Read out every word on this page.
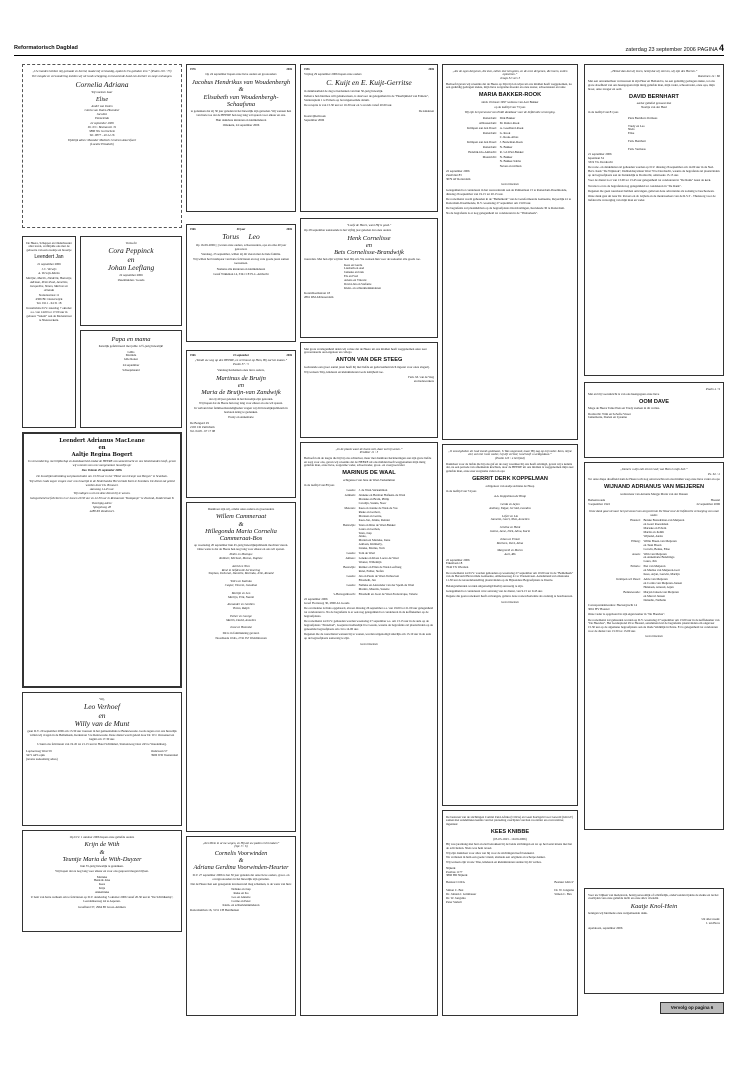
Reformatorisch Dagblad	zaterdag 23 september 2006 PAGINA 4
„Uw handen hebben mij gemaakt en bereid, maakt mij verstandig, opdat ik Uw geboden lere.” (Psalm 119 : 73)
Vol vreugde en verwondering melden wij uit Gods schepping en bewarende hand een dochter en zusje ontvangen.
Cornelia Adriana
Wij noemen haar
Elise
André van Dalen
Gloria van Dalen-Hoendeer
Jacolien
Emmeleida
22 september 2006
Dr. N.C. Beemanstr. 31
3886 NG Gorinchem
Tel. 0877 - 49 24 16
Tijdelijk adres: Meander Medisch Centrum Amersfoort
(Locatie Elisabeth)
De Heere, Schepper en Onderhouder aller leven, verblijdde ons met de geboorte van een zoontje en broertje
Leendert Jan
21 september 2006
J.C. Verwijs
A. Verwijs-Marks
Marijke, Martin, Diederik, Hannetje, Adriaan, Peter-Paul, Annelies, Jacqueline, Simon, Marloes en Arianda
Stationsstraat 11
4306 BC Oosterwijck
Tel. 0111 - 64 31 18
Kraamvisite D.V. zaterdag 7 oktober a.s. van 14.00 tot 17.00 uur in gebouw "Salem" aan de Molenstraat te Nieuwerkerk.
Verloofd
Cora Peppinck
en
Johan Leeflang
22 september 2006
IJsselmuiden / Gouda
Papa en mama
hartelijk gefeliciteerd met jullie 12½-jarig huwelijk!
Gillis
Marinda
Jelle Roker
24 september
Scheepmaand
Leendert Adrianus MacLeane
en
Aaltje Regina Bogert
In verwondering, met blijdschap en dankbaarheid omdat de HEERE ons samenbracht en ons bloetshanden heeft, geven wij u kennis van ons voorgenomen huwelijk op:
Deo Volente 29 september 2006.
De huwelijksvoltrekking zal plaatsvinden om 13.30 uur in het "Hotel van Oranje van Bergen" te Scardam.
Wij willen Gods zegen vragen over ons huwelijk in de Nederlandse Hervormde Kerk te Scardam. De dienst zal geleid worden door Ds. Brouwer.
Aanvang 14.45 uur.
Wij nodigen u uit om deze dienst bij te wonen.
Gelegenheid tot feliciteren is er tussen 20.30 uur en 22.30 uur in Restaurant "Kampanje" te Zeeland, Zuiderstraat 8.
Voorlopig adres:
Spiegelweg 28
4288 KS Zandvoort.
Wij,
Leo Verhoef
en
Willy van de Munt
gaan D.V. 29 september 2006 om 13.30 uur trouwen in het gemeentehuis te Bunnewoude. Gods zegen over ons huwelijk willen wij vragen in de Bethelkerk, Kerkstraat 3 te Renswoude. Deze dienst wordt geleid door Dr. W.J. Ouweneel en begint om 17.30 uur.
U kunt ons feliciteren van 19.45 tot 21.15 uur in Hotel Schimmel, Stationsweg Oost 243 te Woudenberg.
Loploerweg West 59
3471 AP Lopik
(tevens toekomstig adres)
Oudeveen 57
3906 WD Veenendaal
Op D.V. 1 oktober 2006 hopen onze geliefde ouders
Krijn de With
&
Teuntje Maria de With-Duyzer
hun 35-jarig huwelijk te gedenken.
Wij hopen dat ze nog lang voor elkaar en voor ons gespaard mogen blijven.
Marieke
Henk & Joke
Kees
Krija
Annemieke
U bent van harte welkom om te feliciteren op D.V. donderdag 5 oktober 2006 vanaf 20.30 uur in "De Schildkamp", Leerdamseweg 44 te Asperen.
Graafland 37, 2964 BJ Groot-Ammers
1976	2006
Op 24 september hopen onze lieve ouders en grootouders
Jacobus Hendrikus van Woudenbergh
&
Elisabeth van Woudenbergh-Schaafsma
te gedenken dat zij 30 jaar geleden in het huwelijk zijn getreden. Wij wensen hen van harte toe dat de HEERE hen nog lang wil sparen voor elkaar en ons.
Hun dankbare kinderen en kleinkinderen
Oldekerk, 24 september 2006
1966	40 jaar	2006
Torus     Leo
Op 16-09-2006 [.] waren onze ouders, schoonouders, opa en oma 40 jaar getrouwd.
Vandaag, 23 september, willen zij dit vieren met de hele familie.
Wij willen het bruidspaar van harte feliciteren en nog vele goede jaren samen toewensen.
Namens alle kinderen en kleinkinderen
Graaf Wikkman 14, 3341 CE H.-I.-Ambacht
1966	23 september	2006
„Wendt uw weg op den HEERE, en vertrouwt op Hem, Hij zal het maken.”
Psalm 37 : 5
Vandaag herdenken onze lieve ouders,
Martinus de Bruijn
en
Maria de Bruijn-van Zandwijk
dat zij 40 jaar geleden in het huwelijk zijn getreden.
Wij hopen dat de Heere hen nog lang voor elkaar en ons wil sparen.
In verband met familieomstandigheden vragen wij dit huwelijksjubileum in besloten kring te gedenken.
Ereny en Annemarie
De Bongerd 29
2165 CR Zuilichem
Tel. 0418 - 67 17 98
Dankbaar zijn wij, omdat onze ouders en grootouders
Willem Cammeraat
&
Hillegonda Maria Cornelia Cammeraat-Bos
op woensdag 20 september hun 45-jarig huwelijksjubileum mochten vieren.
Onze wens is dat de Heere hen nog lang voor elkaar en ons wil sparen.
Pedro en Monique
Robbert, Michael, Menno, Daphne

Astrid en Nico
René in liefdevolle herinnering
Stephan, Deborah, Danielle, Marinda, Jelle, Ronald

Wilco en Katinka
Casper, Vincent, Jonathan

Martijn en Leo
Martijn, Erik, Naomi

Alexander en Gerdien
Vivian, Ralph

Esther en George
Marith, David, Annelies

Joost en Hanneke
Dit is in familiekring gevierd.
Noordkade 104G, 2741 EZ Waddinxveen
„Ken Hem in al uw wegen, en Hij zal uw paden recht maken”
(Spr. 3 : 6)
Cornelis Voorwinden
&
Adriana Gerdina Voorwinden-Heurter
D.V. 27 september 2006 is het 50 jaar geleden dat onze lieve ouders, groot- en overgrootouders in het huwelijk zijn getreden.
Dat de Heere hen een gezegende levensavond mag schenken, is de wens van hun:
Nelleke en Jaap
Ineke en Ko
Leo en Annette
Corine en Peter
Klein- en achterkleinkinderen
Rotterdamban 16, 3131 CH Benthuizen
1956	2006
Vrijdag 29 september 2006 hopen onze ouders
C. Kuijt en E. Kuijt-Gerritse
in dankbaarheid de dag te herdenken van hun 50-jarig huwelijk.
Indien u hen hiermee wilt gelukwensen, is daarvoor de gelegenheid in de "Heerlijkheid van Ermelo", Stationsplein 1 te Ermelo op bovengenoemde datum.
De receptie is van 15.30 uur tot 16.30 uur en 's avonds vanaf 20.00 uur.
De kinderen
Koetsvijlierbroek
September 2006
"Loofe de Heere, want Hij is goed."
Op 28 september aanstaande is het vijftig jaar geleden dat onze ouders
Henk Cornelisse
en
Bets Cornelisse-Brandwijk
trouwden. Met hen zijn wij hier heel blij om. We wensen hun voor de toekomst alle goeds toe.
Kees en Gerda
Liesbeth en Aad
Janneke en Izak
Els en Fred
Ariena en Vincent
David-Jan en Stefanie
Klein- en achterkleinkinderen
Korenbloemstraat 18
2861 RM Alblasserdam
Met grote verslagenheid delen wij u mee dat de Heere uit ons midden heeft weggenomen onze zeer gewaardeerde oud-eigenaar en collega
ANTON VAN DER STEEG
Gedurende een groot aantal jaren heeft hij met liefde en gedrevenheid zich ingezet voor onze slagerij.
Wij wensen Tiny, kinderen en kleinkinderen Gods nabijheid toe.
Fam. M. van de Weg
en medewerkers
„In de plaats waar de boom valt, daar zal hij wezen.”
Prediker 11 : 3
Bedroefd om de leegte die hij bij ons achterlaat, maar met dankbare herinneringen aan zijn grote liefde en zorg voor ons, geven wij u kennis dat de HEERE uit ons midden heeft weggenomen mijn innig geliefde man, onze lieve, zorgzame vader, schoonvader, groot- en overgrootvader
MARINUS DE WAAL
echtgenoot van Jane de Waal-Verkamman
in de leeftijd van 89 jaar.
Gouda: J. de Waal-Verkamman
Arnhem: Janneke en Herman Hofkens-de Waal
Marieke en Bram, Philip
Carolijn, Saskia, Noor
Meteren: Kees en Jeanne de Waal-de Vos
Rieke en Gerbert,
Marieen en Gerrie,
Kees-Jan, Janine, Reinier
Benswijk: Teun en Rina de Waal-Bakker
Laura en Gerben,
Teun, Jaap
Janno,
Marien en Marieke, Irene
Adriaan, Kimberly,
Lineke, Marius, Tom
Gouda: Tom de Waal
Almere: Leneke en Klaas Loeve-de Waal
Wouter, Willemijn
Beeswijk: Reinier en Ellen de Waal-Leeflang
René, Esther, Stefan
Gouda: Jan en Paula de Waal-Verhoeven
Elisabeth, Jan
Gouda: Nelleke en Alexander van der Speld-de Waal
Marnix, Maurits, Suzette
's-Hertogenbosch: Elisabeth en Joost de Waal-Fredericque, Valerie
22 september 2006
Graaf Florisweg 30, 2800 AL Gouda
De overledene is thuis opgebaard, alwaar dinsdag 26 september a.s. van 19.00 tot 21.00 uur gelegenheid tot condoleren is. Na de begrafenis is er ook nog gelegenheid tot condoleren in de koffiekamer op de begraafplaats.
De rouwdienst zal D.V. gehouden worden woensdag 27 september a.s. om 13.15 uur in de aula op de begraafplaats "Zinzebad", Goejanverwellesdijk 6 te Gouda, waarna de begrafenis zal plaatsvinden op de genoemde begraafplaats om circa 14.00 uur.
Degenen die de rouwdienst wensen bij te wonen, worden uitgenodigd uiterlijk om 13.10 uur in de aula op de begraafplaats aanwezig te zijn.
Geen bloemen
„Als de ogen dergenen, die zien, zullen niet terugzien, en de oren dergenen, die horen, zullen opmerken.”
Jesaja 32 vers 3
Bedroefd geven wij u kennis dat de Heere op Zijn tijd en wijze uit ons midden heeft weggenomen, na een geduldig gedragen ziekte, mijn lieve zorgzame moeder en onze zuster, schoonzuster en tante
MARIA BAKKER-ROOK
sinds 19 maart 1997 weduwe van Aart Bakker
op de leeftijd van 73 jaar.
Wij zijn het personeel van Poldi dankbaar voor de liefdevolle verzorging.
Rotterdam: Dirk Bakker
Alblasserdam: M. Ruiter-Rook
Krimpen aan den IJssel: A. Goedhard-Rook
Rotterdam: G. Rook
C. Rook-Albas
Krimpen aan den IJssel: J. Beuwman-Rook
Rotterdam: N. Bakker
Hendrik-Ido-Ambacht: R. v.d.Wiel-Bakker
Maastricht: N. Bakker
N. Bakker-Sabbe
Neven en nichten
22 september 2006
Zandvliet 83
3079 AT Rotterdam
Geen bloemen
Gelegenheid tot condoleren in het rouwcentrum aan de Palmenlaan 15 te Rotterdam-IJsselmonde, dinsdag 26 september van 19.15 tot 20.15 uur.
De rouwdienst wordt gehouden in de "Bethelkerk" van de Gereformeerde Gemeente, Reyerdijk 41 te Rotterdam-IJsselmonde, D.V. woensdag 27 september om 13.00 uur.
De begrafenis zal plaatshebben op de begraafplaats Oud-Kralingen, Kortekade 30 te Rotterdam.
Na de begrafenis is er nog gelegenheid tot condoleren in de "Thaborkerk".
„O eeuwigheden uit God steeds gedelaast, 'k Was ongeneed, maar Hij zag op mij neder. Kom, mijne ziel, zal niet ruste weder, Gij zijt verlost; God heeft u weldgedaan.”
(Psalm 116 : 4 berijmd)
Dankbaar voor de liefde die hij ons gaf en de zorg waarmee hij ons heeft omringd, geven wij u kennis dat, na een periode van afnemende krachten, door de HEERE uit ons midden is weggenomen mijn zeer geliefde man, onze zeer zorgzame vader en opa
GERRIT DERK KOPPELMAN
echtgenoot van Aadje Adriana de Hoop
in de leeftijd van 74 jaar.
A.A. Koppelman-de Hoop

Gerda en Arjan
Anthony, Edgar, Jerrold, Leandra

Lefert en Lia
Jannette, Geert, Niek, Annelien

Grietha en Henk
Janine, Anne, Dirk, Alina, Karin

Johan en Ermée
Marleen, Derk, Alina

Margreeth en Marco
Aart, Rik
22 september 2006
Eikenlaan 18
7642 TX Wierden
De rouwdienst zal D.V. worden gehouden op woensdag 27 september om 10.00 uur in de "Bethelkerk" van de Hersteld Hervormde Gemeente, Almeloseweg 41 te Vriezenveen. Aansluitend zal omstreeks 11.30 uur de teraardebestelling plaatsvinden op de Bijzondere Begraafplaats te Daarle.
Belangstellenden worden uitgenodigd hierbij aanwezig te zijn.
Gelegenheid tot condoleren vóór aanvang van de dienst, van 9.15 tot 9.45 uur.
Degene die geen rouwkaart heeft ontvangen, gelieve deze rouwadvertentie als zodanig te beschouwen.
Geen bloemen
De besturen van de stichtingen Comité Zuid-Afrika (COZA) en Geen Korbgeld voor Geweld (GKGV) samen met zendelinnes kennis van het plotseling overlijden van hun voorzitter en oververzitter, ingenieur
KEES KNIBBE
(05-03-1923 - 19-09-2006)
Hij was jarenlang met hart en ziel betrokken bij de beide stichtingen en tot op het laatst intens met het de activiteiten. Niets was hem teveel.
Wij zijn dankbaar voor alles wat hij voor de stichtingen heeft betekend.
We verliezen in hem een goede vriend, alsmede een originele en scherpe denker.
Wij wensen zijn vrouw Tina, kinderen en kleinkinderen sterkte bij dit verlies.
Nijkerk
Postbus 1177
3860 BD Nijkerk
Bestuur COZA

Simon C. Bax
Dr. Johann J. Grünbauer
Dr. W. Jongsma
Peter Siebelt
Bestuur GKGV

Dr. W. Jongsma
Simon C. Bax
„Heinzi dan dat wij leven, hetzij dat wij sterven, wij zijn des Heeren.”
Romeinen 14 : 8b
Met een onwankelbaar vertrouwen in zijn Heer en Heiland is, na een geduldig gedragen ziekte, tot ons grote droefheid van ons heengegaan mijn innig geliefde man, mijn vader, schoonvader, onze opa, mijn broer, onze zwager en oom
DAVID BERNHART
eerder geliefsd geweest met
Neeltje van der Heul
in de leeftijd van 81 jaar.
Piets Bernhart-Vermaas

Trudy en Leo
Niels
Elise

Fam. Bernhart

Fam. Vermaas
21 september 2006
Iepenlaan 34
3319 VG Dordrecht
De rouw- en dankdienst zal gehouden worden op D.V. dinsdag 26 september om 14.00 uur in de Ned. Herv. Kerk "De Wijnstok", Dubbeldreystlaan West 70 te Dordrecht, waarna de begrafenis zal plaatsvinden op de begraafplaats aan de Zuidendijk te Dordrecht, omstreeks 15.15 uur.
Voor de dienst is er van 13.00 tot 13.45 uur gelegenheid tot condoleren in "De Rank" naast de kerk.
Tevens is er na de begrafenis nog gelegenheid tot condoleren in "De Rank".
Degenen die geen rouwkaart hebben ontvangen, gelieven deze advertentie als zodanig te beschouwen.
Onze dank gaat uit naar Dr. Rovers en dr. Gijbels en de medewerkers van de R.S.T - Thuiszorg voor de liefdevolle verzorging van mijn man en vader.
Psalm 4 : 9
Met en blij vooruitzicht is van ons heengegaan onze lieve
OOM DAVE
Moge de Heere Tante Piets en Trudy sterken in dit verlies.
Dordrecht: Wim en SoSofie Visser
Jannemarie, Dorien en Lysanne
„Immers u zijn zult zit tot God; van Hem is mijn heil.”
Ps. 62 : 2
Tot onze diepe droefheid nam de Heere toch nog onverwachts uit ons midden weg onze lieve vader en opa
WIJNAND ADRIANUS VAN MEIJEREN
weduwnaar van Antonie Margje Maria van der Dussen
Berkenwoude
3 september 1922
Haastel
22 september 2006
Onze dank gaat uit naar het personeel van zorgcentrum De Waal voor de liefdevolle verzorging van onze vader.
Haastel: Betske Bonsdrman-van Meijeren
en Geert Roesdanan
Marieke en Edwin
Martin en Judith
Wijnand, Aletta
Elburg: Willie Breen-van Meijeren
en Teun Breen
Corwin, Benne, Elise
Assen: Wim van Meijeren
en Annemarie Bandringa
Laura, Jim
Ermelo: Piet van Meijeren
en Marike van Meijeren-Gort
Kees, Arjan, Gerwin, Martijn
Krimpen a/d IJssel: Adrie van Meijeren
en Corina van Meijeren-Jansen
Hannaan, Arnoud, Arjen
Bennewoude: Marjan Jansen-van Meijeren
en Marcel Jansen
Danielle, Nathalie
Correspondentieadres: Heevergracht 14
3061 HV Haastel
Onze vader is opgebaard in zijn eigen kamer in "De Haesbas".
De rouwdienst zal gehouden worden op D.V. woensdag 27 september om 13.00 uur in de koffiekamer van "De Haesbas", Het Gestieplond 29 te Haastel, aansluitend zal de begrafenis plaatsvinden om ongeveer 15.30 uur op de algemene begraafplaats aan de Oude Veldklijk in Peize. Er is gelegenheid tot condoleren voor de dienst van 13.30 tot 13.00 uur.
Geen bloemen
Voor uw blijken van medeleven, hetzij persoonlijk of schriftelijk, ondervonden tijdens de ziekte en na het overlijden van onze geliefde nicht en onze allev vriendin
Kaatje Knol-Hein
betuigen wij hiermede onze welgemeende dank.
Uit aller naam:
J. ten Hove
Apeldoorn, september 2006
Vervolg op pagina 6
